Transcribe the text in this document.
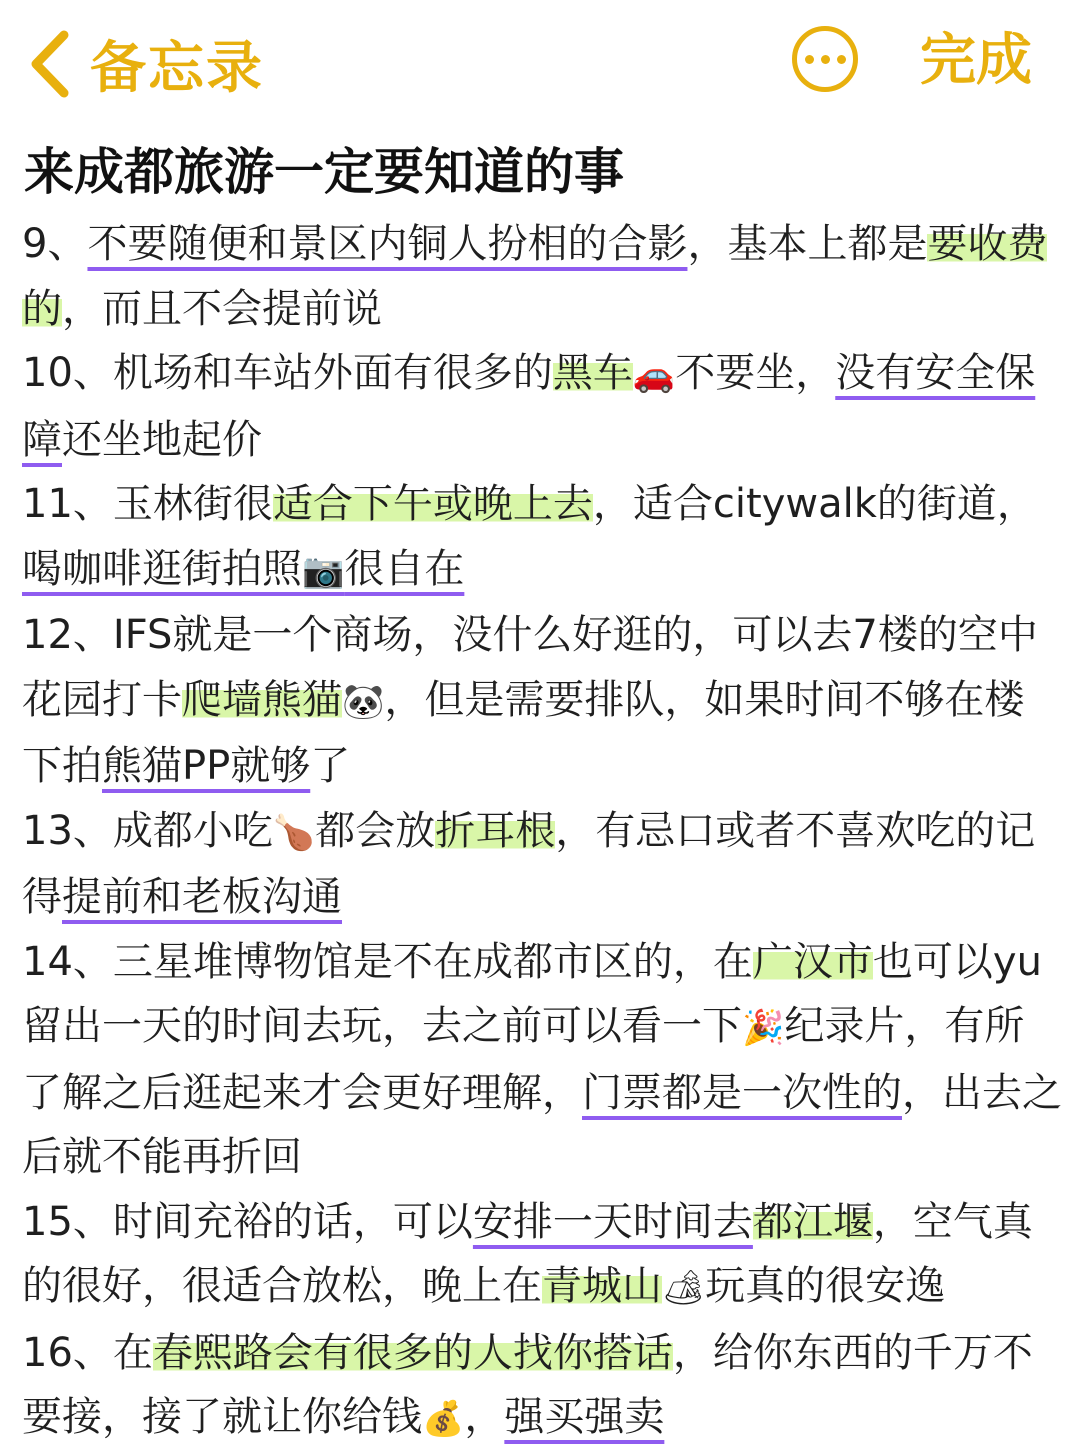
备忘录	完成
来成都旅游一定要知道的事

9、不要随便和景区内铜人扮相的合影，基本上都是要收费的，而且不会提前说

10、机场和车站外面有很多的黑车🚗不要坐，没有安全保障还坐地起价

11、玉林街很适合下午或晚上去，适合citywalk的街道，喝咖啡逛街拍照📷很自在

12、IFS就是一个商场，没什么好逛的，可以去7楼的空中花园打卡爬墙熊猫🐼，但是需要排队，如果时间不够在楼下拍熊猫PP就够了

13、成都小吃🍗都会放折耳根，有忌口或者不喜欢吃的记得提前和老板沟通

14、三星堆博物馆是不在成都市区的，在广汉市也可以yu留出一天的时间去玩，去之前可以看一下🎉纪录片，有所了解之后逛起来才会更好理解，门票都是一次性的，出去之后就不能再折回

15、时间充裕的话，可以安排一天时间去都江堰，空气真的很好，很适合放松，晚上在青城山🏕玩真的很安逸

16、在春熙路会有很多的人找你搭话，给你东西的千万不要接，接了就让你给钱💰，强买强卖
